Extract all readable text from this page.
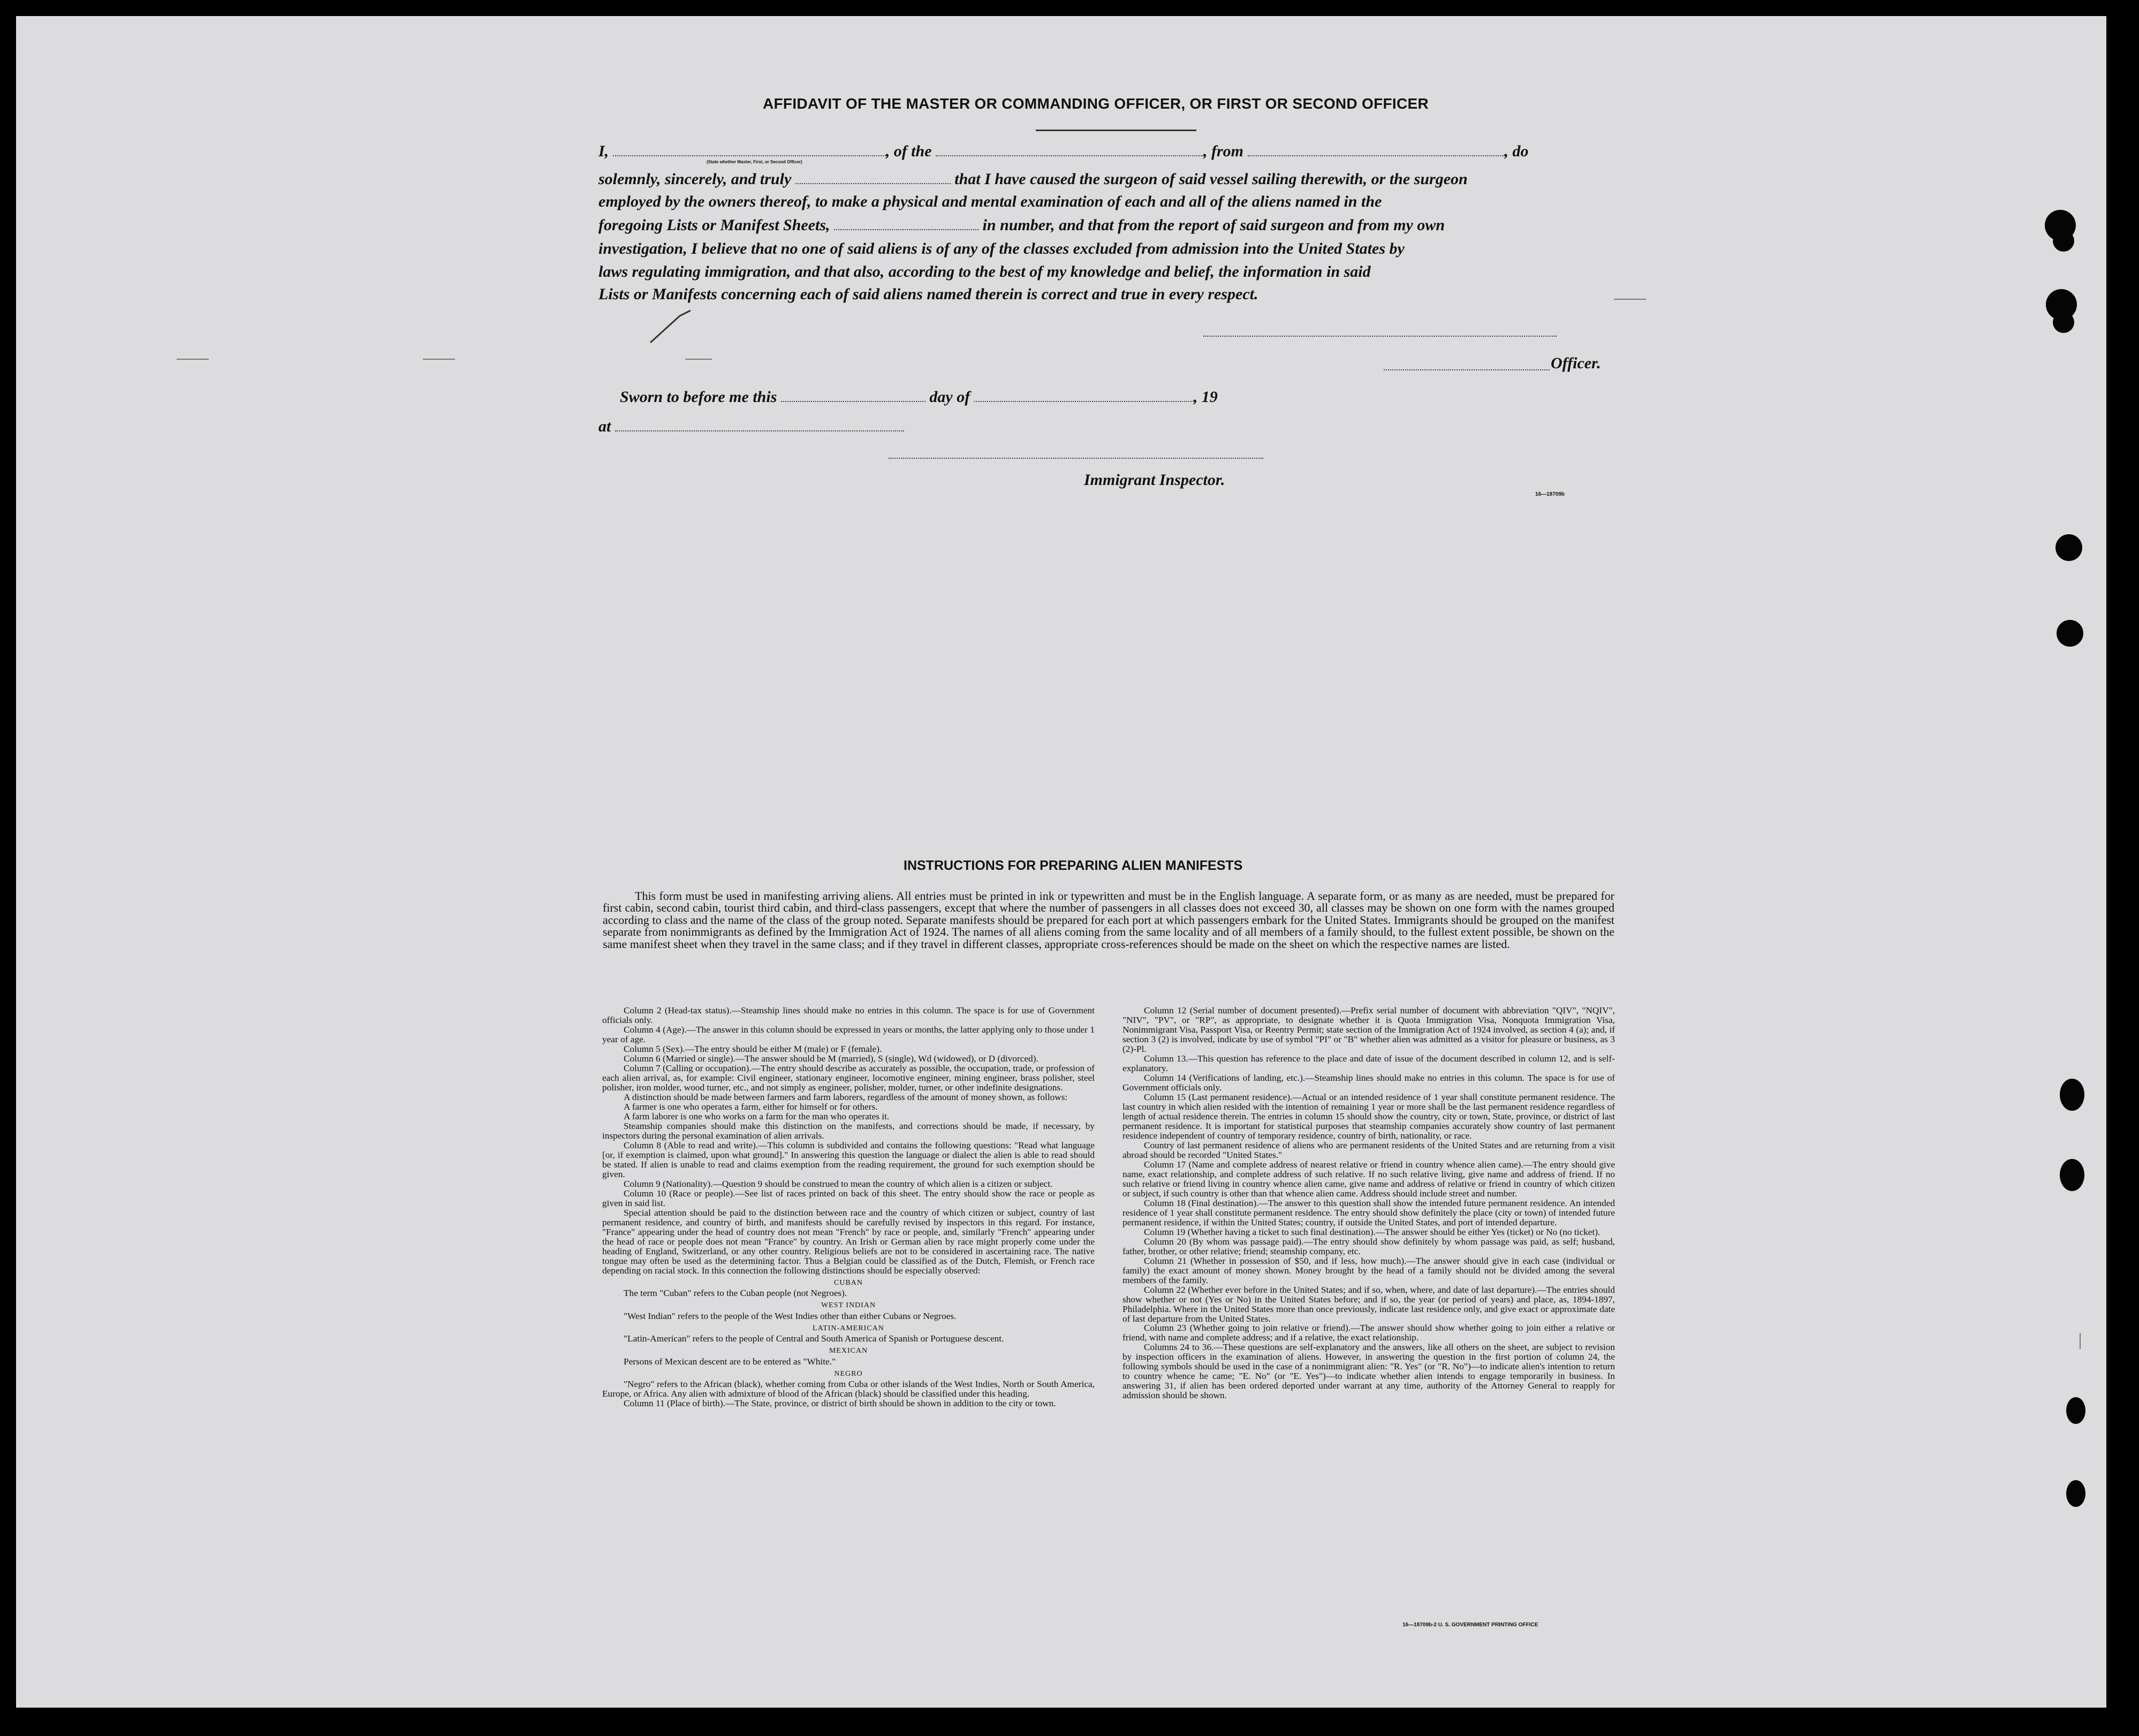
AFFIDAVIT OF THE MASTER OR COMMANDING OFFICER, OR FIRST OR SECOND OFFICER
I,	, of the	, from	, do
(State whether Master, First, or Second Officer)
solemnly, sincerely, and truly	that I have caused the surgeon of said vessel sailing therewith, or the surgeon
employed by the owners thereof, to make a physical and mental examination of each and all of the aliens named in the
foregoing Lists or Manifest Sheets,	in number, and that from the report of said surgeon and from my own
investigation, I believe that no one of said aliens is of any of the classes excluded from admission into the United States by
laws regulating immigration, and that also, according to the best of my knowledge and belief, the information in said
Lists or Manifests concerning each of said aliens named therein is correct and true in every respect.
Officer.
Sworn to before me this	day of	, 19
at
Immigrant Inspector.
16—18709b
INSTRUCTIONS FOR PREPARING ALIEN MANIFESTS

This form must be used in manifesting arriving aliens. All entries must be printed in ink or typewritten and must be in the English language. A separate form, or as many as are needed, must be prepared for first cabin, second cabin, tourist third cabin, and third-class passengers, except that where the number of passengers in all classes does not exceed 30, all classes may be shown on one form with the names grouped according to class and the name of the class of the group noted. Separate manifests should be prepared for each port at which passengers embark for the United States. Immigrants should be grouped on the manifest separate from nonimmigrants as defined by the Immigration Act of 1924. The names of all aliens coming from the same locality and of all members of a family should, to the fullest extent possible, be shown on the same manifest sheet when they travel in the same class; and if they travel in different classes, appropriate cross-references should be made on the sheet on which the respective names are listed.

Column 2 (Head-tax status).—Steamship lines should make no entries in this column. The space is for use of Government officials only.

Column 4 (Age).—The answer in this column should be expressed in years or months, the latter applying only to those under 1 year of age.

Column 5 (Sex).—The entry should be either M (male) or F (female).

Column 6 (Married or single).—The answer should be M (married), S (single), Wd (widowed), or D (divorced).

Column 7 (Calling or occupation).—The entry should describe as accurately as possible, the occupation, trade, or profession of each alien arrival, as, for example: Civil engineer, stationary engineer, locomotive engineer, mining engineer, brass polisher, steel polisher, iron molder, wood turner, etc., and not simply as engineer, polisher, molder, turner, or other indefinite designations.

A distinction should be made between farmers and farm laborers, regardless of the amount of money shown, as follows:

A farmer is one who operates a farm, either for himself or for others.

A farm laborer is one who works on a farm for the man who operates it.

Steamship companies should make this distinction on the manifests, and corrections should be made, if necessary, by inspectors during the personal examination of alien arrivals.

Column 8 (Able to read and write).—This column is subdivided and contains the following questions: "Read what language [or, if exemption is claimed, upon what ground]." In answering this question the language or dialect the alien is able to read should be stated. If alien is unable to read and claims exemption from the reading requirement, the ground for such exemption should be given.

Column 9 (Nationality).—Question 9 should be construed to mean the country of which alien is a citizen or subject.

Column 10 (Race or people).—See list of races printed on back of this sheet. The entry should show the race or people as given in said list.

Special attention should be paid to the distinction between race and the country of which citizen or subject, country of last permanent residence, and country of birth, and manifests should be carefully revised by inspectors in this regard. For instance, "France" appearing under the head of country does not mean "French" by race or people, and, similarly "French" appearing under the head of race or people does not mean "France" by country. An Irish or German alien by race might properly come under the heading of England, Switzerland, or any other country. Religious beliefs are not to be considered in ascertaining race. The native tongue may often be used as the determining factor. Thus a Belgian could be classified as of the Dutch, Flemish, or French race depending on racial stock. In this connection the following distinctions should be especially observed:

CUBAN

The term "Cuban" refers to the Cuban people (not Negroes).

WEST INDIAN

"West Indian" refers to the people of the West Indies other than either Cubans or Negroes.

LATIN-AMERICAN

"Latin-American" refers to the people of Central and South America of Spanish or Portuguese descent.

MEXICAN

Persons of Mexican descent are to be entered as "White."

NEGRO

"Negro" refers to the African (black), whether coming from Cuba or other islands of the West Indies, North or South America, Europe, or Africa. Any alien with admixture of blood of the African (black) should be classified under this heading.

Column 11 (Place of birth).—The State, province, or district of birth should be shown in addition to the city or town.

Column 12 (Serial number of document presented).—Prefix serial number of document with abbreviation "QIV", "NQIV", "NIV", "PV", or "RP", as appropriate, to designate whether it is Quota Immigration Visa, Nonquota Immigration Visa, Nonimmigrant Visa, Passport Visa, or Reentry Permit; state section of the Immigration Act of 1924 involved, as section 4 (a); and, if section 3 (2) is involved, indicate by use of symbol "PI" or "B" whether alien was admitted as a visitor for pleasure or business, as 3 (2)-Pl.

Column 13.—This question has reference to the place and date of issue of the document described in column 12, and is self-explanatory.

Column 14 (Verifications of landing, etc.).—Steamship lines should make no entries in this column. The space is for use of Government officials only.

Column 15 (Last permanent residence).—Actual or an intended residence of 1 year shall constitute permanent residence. The last country in which alien resided with the intention of remaining 1 year or more shall be the last permanent residence regardless of length of actual residence therein. The entries in column 15 should show the country, city or town, State, province, or district of last permanent residence. It is important for statistical purposes that steamship companies accurately show country of last permanent residence independent of country of temporary residence, country of birth, nationality, or race.

Country of last permanent residence of aliens who are permanent residents of the United States and are returning from a visit abroad should be recorded "United States."

Column 17 (Name and complete address of nearest relative or friend in country whence alien came).—The entry should give name, exact relationship, and complete address of such relative. If no such relative living, give name and address of friend. If no such relative or friend living in country whence alien came, give name and address of relative or friend in country of which citizen or subject, if such country is other than that whence alien came. Address should include street and number.

Column 18 (Final destination).—The answer to this question shall show the intended future permanent residence. An intended residence of 1 year shall constitute permanent residence. The entry should show definitely the place (city or town) of intended future permanent residence, if within the United States; country, if outside the United States, and port of intended departure.

Column 19 (Whether having a ticket to such final destination).—The answer should be either Yes (ticket) or No (no ticket).

Column 20 (By whom was passage paid).—The entry should show definitely by whom passage was paid, as self; husband, father, brother, or other relative; friend; steamship company, etc.

Column 21 (Whether in possession of $50, and if less, how much).—The answer should give in each case (individual or family) the exact amount of money shown. Money brought by the head of a family should not be divided among the several members of the family.

Column 22 (Whether ever before in the United States; and if so, when, where, and date of last departure).—The entries should show whether or not (Yes or No) in the United States before; and if so, the year (or period of years) and place, as, 1894-1897, Philadelphia. Where in the United States more than once previously, indicate last residence only, and give exact or approximate date of last departure from the United States.

Column 23 (Whether going to join relative or friend).—The answer should show whether going to join either a relative or friend, with name and complete address; and if a relative, the exact relationship.

Columns 24 to 36.—These questions are self-explanatory and the answers, like all others on the sheet, are subject to revision by inspection officers in the examination of aliens. However, in answering the question in the first portion of column 24, the following symbols should be used in the case of a nonimmigrant alien: "R. Yes" (or "R. No")—to indicate alien's intention to return to country whence he came; "E. No" (or "E. Yes")—to indicate whether alien intends to engage temporarily in business. In answering 31, if alien has been ordered deported under warrant at any time, authority of the Attorney General to reapply for admission should be shown.

16—18709b-2 U. S. GOVERNMENT PRINTING OFFICE
